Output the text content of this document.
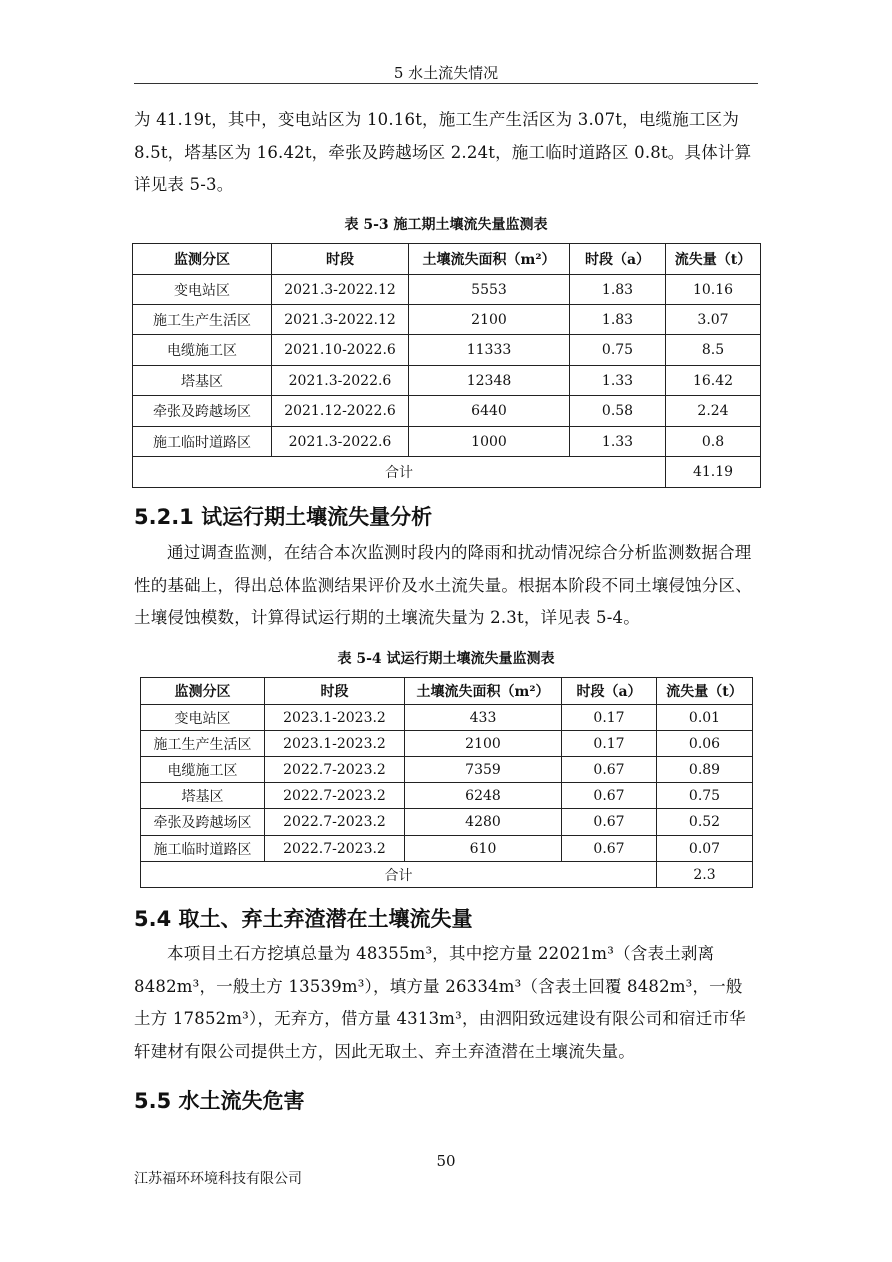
5 水土流失情况

为 41.19t，其中，变电站区为 10.16t，施工生产生活区为 3.07t，电缆施工区为 8.5t，塔基区为 16.42t，牵张及跨越场区 2.24t，施工临时道路区 0.8t。具体计算详见表 5-3。

表 5-3 施工期土壤流失量监测表
监测分区	时段	土壤流失面积（m²）	时段（a）	流失量（t）
变电站区	2021.3-2022.12	5553	1.83	10.16
施工生产生活区	2021.3-2022.12	2100	1.83	3.07
电缆施工区	2021.10-2022.6	11333	0.75	8.5
塔基区	2021.3-2022.6	12348	1.33	16.42
牵张及跨越场区	2021.12-2022.6	6440	0.58	2.24
施工临时道路区	2021.3-2022.6	1000	1.33	0.8
合计				41.19
5.2.1 试运行期土壤流失量分析

通过调查监测，在结合本次监测时段内的降雨和扰动情况综合分析监测数据合理性的基础上，得出总体监测结果评价及水土流失量。根据本阶段不同土壤侵蚀分区、土壤侵蚀模数，计算得试运行期的土壤流失量为 2.3t，详见表 5-4。

表 5-4 试运行期土壤流失量监测表
监测分区	时段	土壤流失面积（m²）	时段（a）	流失量（t）
变电站区	2023.1-2023.2	433	0.17	0.01
施工生产生活区	2023.1-2023.2	2100	0.17	0.06
电缆施工区	2022.7-2023.2	7359	0.67	0.89
塔基区	2022.7-2023.2	6248	0.67	0.75
牵张及跨越场区	2022.7-2023.2	4280	0.67	0.52
施工临时道路区	2022.7-2023.2	610	0.67	0.07
合计				2.3
5.4 取土、弃土弃渣潜在土壤流失量

本项目土石方挖填总量为 48355m³，其中挖方量 22021m³（含表土剥离 8482m³，一般土方 13539m³），填方量 26334m³（含表土回覆 8482m³，一般土方 17852m³），无弃方，借方量 4313m³，由泗阳致远建设有限公司和宿迁市华轩建材有限公司提供土方，因此无取土、弃土弃渣潜在土壤流失量。

5.5 水土流失危害
50
江苏福环环境科技有限公司
